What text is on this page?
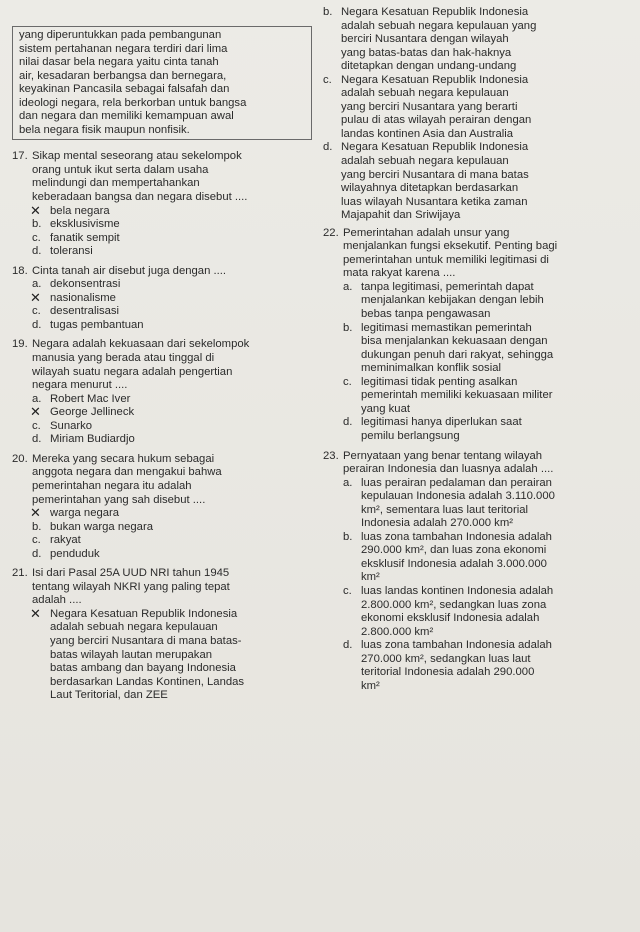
yang diperuntukkan pada pembangunan
sistem pertahanan negara terdiri dari lima
nilai dasar bela negara yaitu cinta tanah
air, kesadaran berbangsa dan bernegara,
keyakinan Pancasila sebagai falsafah dan
ideologi negara, rela berkorban untuk bangsa
dan negara dan memiliki kemampuan awal
bela negara fisik maupun nonfisik.
17. Sikap mental seseorang atau sekelompok
orang untuk ikut serta dalam usaha
melindungi dan mempertahankan
keberadaan bangsa dan negara disebut ....
✕ bela negara
b. eksklusivisme
c. fanatik sempit
d. toleransi
18. Cinta tanah air disebut juga dengan ....
a. dekonsentrasi
✕ nasionalisme
c. desentralisasi
d. tugas pembantuan
19. Negara adalah kekuasaan dari sekelompok
manusia yang berada atau tinggal di
wilayah suatu negara adalah pengertian
negara menurut ....
a. Robert Mac Iver
✕ George Jellineck
c. Sunarko
d. Miriam Budiardjo
20. Mereka yang secara hukum sebagai
anggota negara dan mengakui bahwa
pemerintahan negara itu adalah
pemerintahan yang sah disebut ....
✕ warga negara
b. bukan warga negara
c. rakyat
d. penduduk
21. Isi dari Pasal 25A UUD NRI tahun 1945
tentang wilayah NKRI yang paling tepat
adalah ....
✕ Negara Kesatuan Republik Indonesia
adalah sebuah negara kepulauan
yang berciri Nusantara di mana batas-
batas wilayah lautan merupakan
batas ambang dan bayang Indonesia
berdasarkan Landas Kontinen, Landas
Laut Teritorial, dan ZEE
b. Negara Kesatuan Republik Indonesia
adalah sebuah negara kepulauan yang
berciri Nusantara dengan wilayah
yang batas-batas dan hak-haknya
ditetapkan dengan undang-undang
c. Negara Kesatuan Republik Indonesia
adalah sebuah negara kepulauan
yang berciri Nusantara yang berarti
pulau di atas wilayah perairan dengan
landas kontinen Asia dan Australia
d. Negara Kesatuan Republik Indonesia
adalah sebuah negara kepulauan
yang berciri Nusantara di mana batas
wilayahnya ditetapkan berdasarkan
luas wilayah Nusantara ketika zaman
Majapahit dan Sriwijaya
22. Pemerintahan adalah unsur yang
menjalankan fungsi eksekutif. Penting bagi
pemerintahan untuk memiliki legitimasi di
mata rakyat karena ....
a. tanpa legitimasi, pemerintah dapat
menjalankan kebijakan dengan lebih
bebas tanpa pengawasan
b. legitimasi memastikan pemerintah
bisa menjalankan kekuasaan dengan
dukungan penuh dari rakyat, sehingga
meminimalkan konflik sosial
c. legitimasi tidak penting asalkan
pemerintah memiliki kekuasaan militer
yang kuat
d. legitimasi hanya diperlukan saat
pemilu berlangsung
23. Pernyataan yang benar tentang wilayah
perairan Indonesia dan luasnya adalah ....
a. luas perairan pedalaman dan perairan
kepulauan Indonesia adalah 3.110.000
km², sementara luas laut teritorial
Indonesia adalah 270.000 km²
b. luas zona tambahan Indonesia adalah
290.000 km², dan luas zona ekonomi
eksklusif Indonesia adalah 3.000.000
km²
c. luas landas kontinen Indonesia adalah
2.800.000 km², sedangkan luas zona
ekonomi eksklusif Indonesia adalah
2.800.000 km²
d. luas zona tambahan Indonesia adalah
270.000 km², sedangkan luas laut
teritorial Indonesia adalah 290.000
km²
